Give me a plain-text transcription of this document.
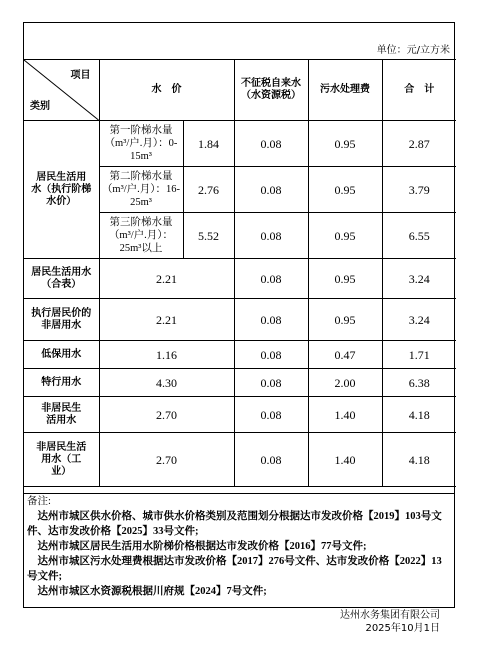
单位：元/立方米					

项目
类别	水　价		不征税自来水（水资源税）	污水处理费	合　计
居民生活用　　水（执行阶梯水价）	第一阶梯水量（m³/户.月）：0-15m³	1.84	0.08	0.95	2.87
	第二阶梯水量（m³/户.月）：16-25m³	2.76	0.08	0.95	3.79
	第三阶梯水量（m³/户.月）：25m³以上	5.52	0.08	0.95	6.55
居民生活用水（合表）	2.21		0.08	0.95	3.24
执行居民价的非居用水	2.21		0.08	0.95	3.24
低保用水	1.16		0.08	0.47	1.71
特行用水	4.30		0.08	2.00	6.38
非居民生活用水	2.70		0.08	1.40	4.18
非居民生活用水（工业）	2.70		0.08	1.40	4.18
备注:
　达州市城区供水价格、城市供水价格类别及范围划分根据达市发改价格【2019】103号文件、达市发改价格【2025】33号文件;
　达州市城区居民生活用水阶梯价格根据达市发改价格【2016】77号文件;
　达州市城区污水处理费根据达市发改价格【2017】276号文件、达市发改价格【2022】13号文件;
　达州市城区水资源税根据川府规【2024】7号文件;
达州水务集团有限公司
2025年10月1日
